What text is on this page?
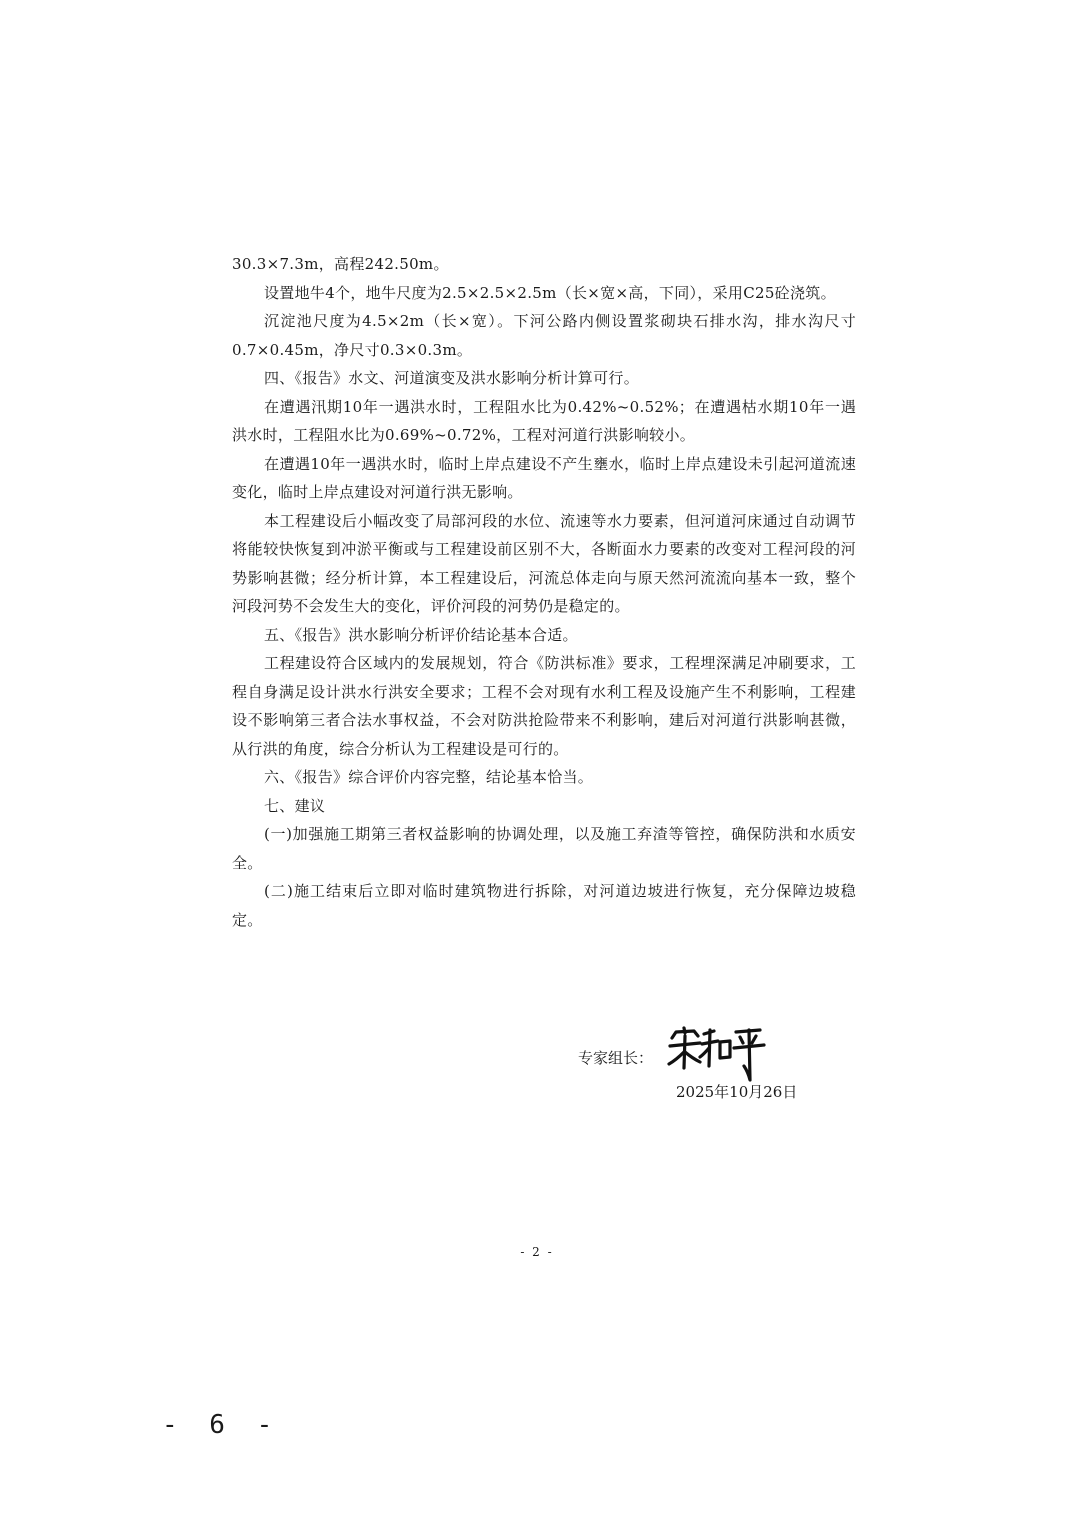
30.3×7.3m，高程242.50m。

设置地牛4个，地牛尺度为2.5×2.5×2.5m（长×宽×高，下同），采用C25砼浇筑。

沉淀池尺度为4.5×2m（长×宽）。下河公路内侧设置浆砌块石排水沟，排水沟尺寸0.7×0.45m，净尺寸0.3×0.3m。

四、《报告》水文、河道演变及洪水影响分析计算可行。

在遭遇汛期10年一遇洪水时，工程阻水比为0.42%~0.52%；在遭遇枯水期10年一遇洪水时，工程阻水比为0.69%~0.72%，工程对河道行洪影响较小。

在遭遇10年一遇洪水时，临时上岸点建设不产生壅水，临时上岸点建设未引起河道流速变化，临时上岸点建设对河道行洪无影响。

本工程建设后小幅改变了局部河段的水位、流速等水力要素，但河道河床通过自动调节将能较快恢复到冲淤平衡或与工程建设前区别不大，各断面水力要素的改变对工程河段的河势影响甚微；经分析计算，本工程建设后，河流总体走向与原天然河流流向基本一致，整个河段河势不会发生大的变化，评价河段的河势仍是稳定的。

五、《报告》洪水影响分析评价结论基本合适。

工程建设符合区域内的发展规划，符合《防洪标准》要求，工程埋深满足冲刷要求，工程自身满足设计洪水行洪安全要求；工程不会对现有水利工程及设施产生不利影响，工程建设不影响第三者合法水事权益，不会对防洪抢险带来不利影响，建后对河道行洪影响甚微，从行洪的角度，综合分析认为工程建设是可行的。

六、《报告》综合评价内容完整，结论基本恰当。

七、建议

(一)加强施工期第三者权益影响的协调处理，以及施工弃渣等管控，确保防洪和水质安全。

(二)施工结束后立即对临时建筑物进行拆除，对河道边坡进行恢复，充分保障边坡稳定。

专家组长：
2025年10月26日
- 2 -
- 6 -
